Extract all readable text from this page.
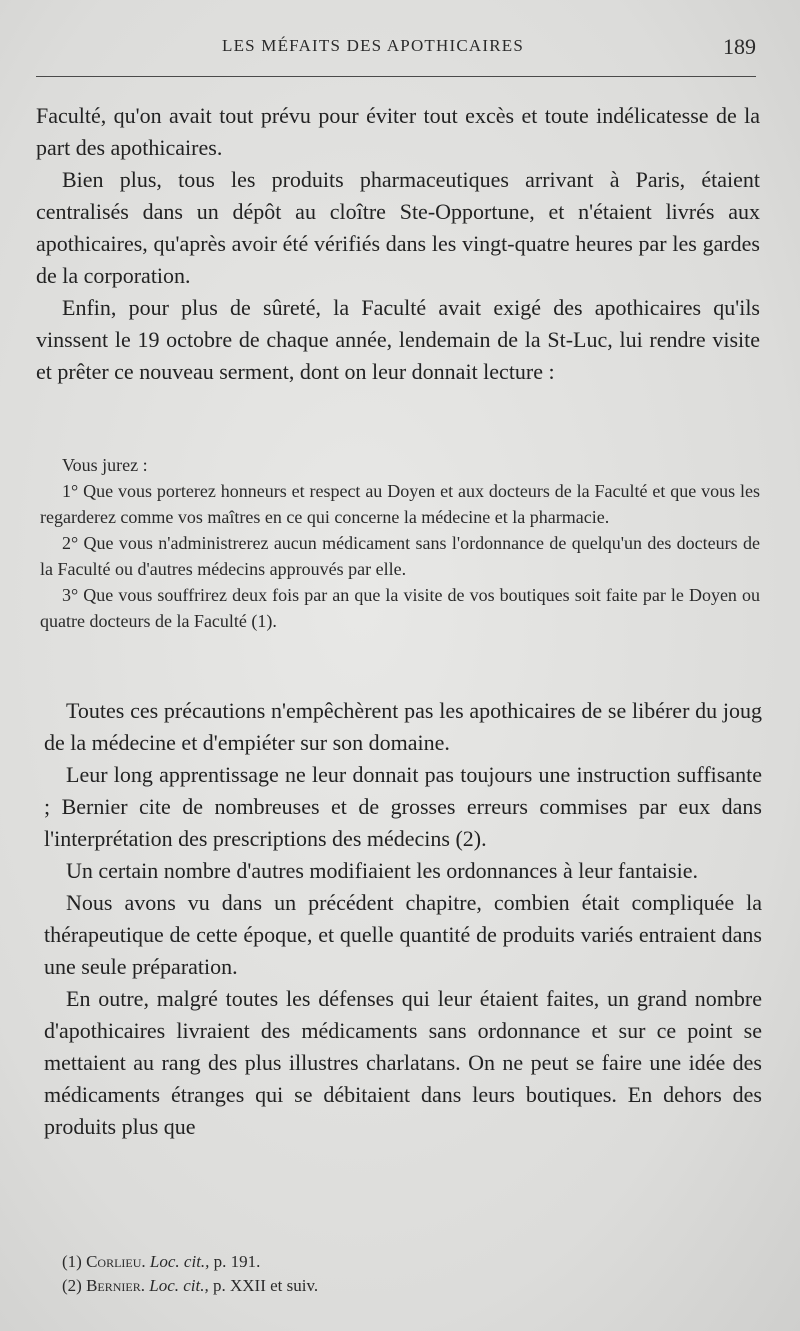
LES MÉFAITS DES APOTHICAIRES	189

Faculté, qu'on avait tout prévu pour éviter tout excès et toute indélicatesse de la part des apothicaires.

Bien plus, tous les produits pharmaceutiques arrivant à Paris, étaient centralisés dans un dépôt au cloître Ste-Opportune, et n'étaient livrés aux apothicaires, qu'après avoir été vérifiés dans les vingt-quatre heures par les gardes de la corporation.

Enfin, pour plus de sûreté, la Faculté avait exigé des apothicaires qu'ils vinssent le 19 octobre de chaque année, lendemain de la St-Luc, lui rendre visite et prêter ce nouveau serment, dont on leur donnait lecture :

Vous jurez :

1° Que vous porterez honneurs et respect au Doyen et aux docteurs de la Faculté et que vous les regarderez comme vos maîtres en ce qui concerne la médecine et la pharmacie.

2° Que vous n'administrerez aucun médicament sans l'ordonnance de quelqu'un des docteurs de la Faculté ou d'autres médecins approuvés par elle.

3° Que vous souffrirez deux fois par an que la visite de vos boutiques soit faite par le Doyen ou quatre docteurs de la Faculté (1).

Toutes ces précautions n'empêchèrent pas les apothicaires de se libérer du joug de la médecine et d'empiéter sur son domaine.

Leur long apprentissage ne leur donnait pas toujours une instruction suffisante ; Bernier cite de nombreuses et de grosses erreurs commises par eux dans l'interprétation des prescriptions des médecins (2).

Un certain nombre d'autres modifiaient les ordonnances à leur fantaisie.

Nous avons vu dans un précédent chapitre, combien était compliquée la thérapeutique de cette époque, et quelle quantité de produits variés entraient dans une seule préparation.

En outre, malgré toutes les défenses qui leur étaient faites, un grand nombre d'apothicaires livraient des médicaments sans ordonnance et sur ce point se mettaient au rang des plus illustres charlatans. On ne peut se faire une idée des médicaments étranges qui se débitaient dans leurs boutiques. En dehors des produits plus que

(1) Corlieu. Loc. cit., p. 191.

(2) Bernier. Loc. cit., p. XXII et suiv.
